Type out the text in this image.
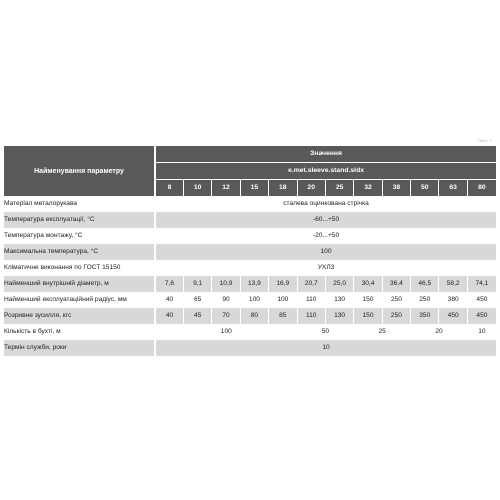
ТАБЛ. 1
Найменування параметру	Значення											
	e.met.sleeve.stand.sldx											
	8	10	12	15	18	20	25	32	38	50	63	80
Матеріал металорукава	сталева оцинкована стрічка											
Температура експлуатації, °С	-60...+50											
Температура монтажу, °С	-20...+50											
Максимальна температура, °С	100											
Кліматичне виконання по ГОСТ 15150	УХЛ3											
Найменший внутрішній діаметр, м	7,6	9,1	10,9	13,9	16,9	20,7	25,0	30,4	36,4	46,5	58,2	74,1
Найменший експлуатаційний радіус, мм	40	65	90	100	100	110	130	150	250	250	380	450
Розривне зусилля, кгс	40	45	70	80	85	110	130	150	250	350	450	450
Кількість в бухті, м	100					50		25		20		10
Термін служби, роки	10											
